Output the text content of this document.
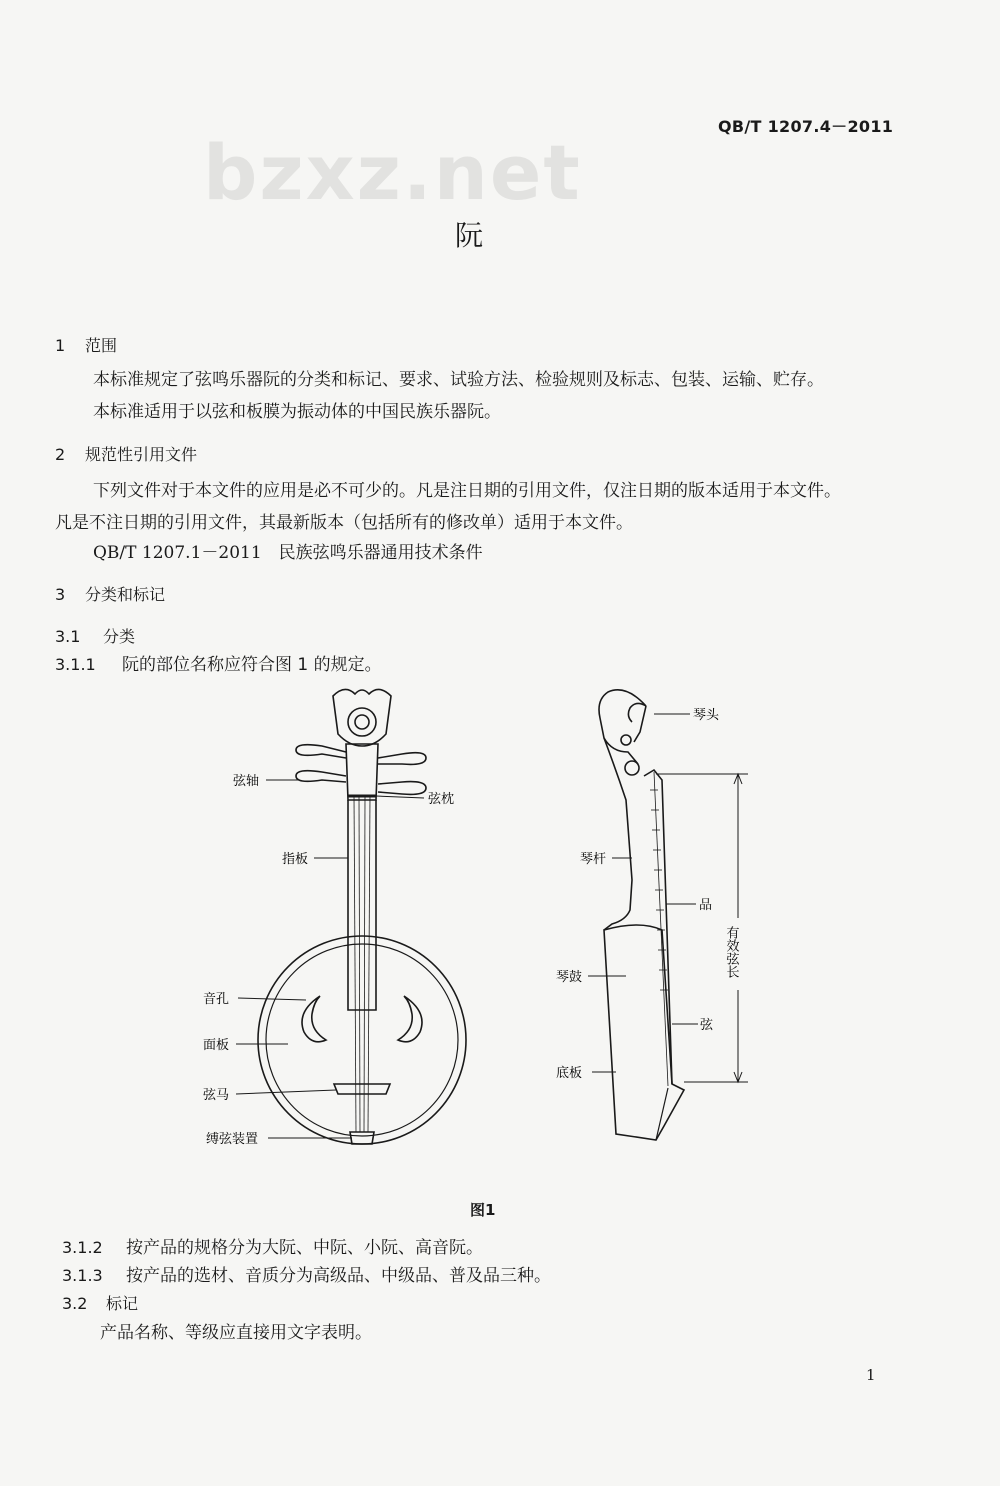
QB/T 1207.4－2011
bzxz.net
阮
1 范围
本标准规定了弦鸣乐器阮的分类和标记、要求、试验方法、检验规则及标志、包装、运输、贮存。
本标准适用于以弦和板膜为振动体的中国民族乐器阮。
2 规范性引用文件
下列文件对于本文件的应用是必不可少的。凡是注日期的引用文件，仅注日期的版本适用于本文件。
凡是不注日期的引用文件，其最新版本（包括所有的修改单）适用于本文件。
QB/T 1207.1－2011　民族弦鸣乐器通用技术条件
3 分类和标记
3.1 分类
3.1.1 阮的部位名称应符合图 1 的规定。
弦轴
弦枕
指板
音孔
面板
弦马
缚弦装置
琴头
琴杆
品
琴鼓
弦
底板
有效弦长
图1
3.1.2 按产品的规格分为大阮、中阮、小阮、高音阮。
3.1.3 按产品的选材、音质分为高级品、中级品、普及品三种。
3.2 标记
产品名称、等级应直接用文字表明。
1
